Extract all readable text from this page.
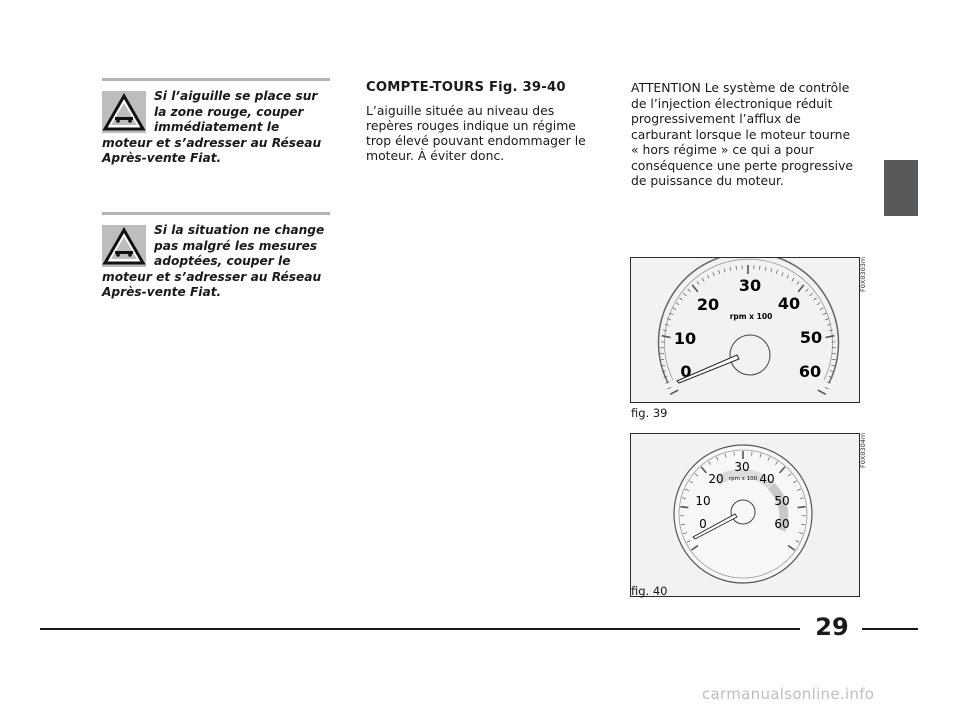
Si l’aiguille se place sur la zone rouge, couper immédiatement le moteur et s’adresser au Réseau Après-vente Fiat.

Si la situation ne change pas malgré les mesures adoptées, couper le moteur et s’adresser au Réseau Après-vente Fiat.

COMPTE-TOURS Fig. 39-40

L’aiguille située au niveau des repères rouges indique un régime trop élevé pouvant endommager le moteur. À éviter donc.

ATTENTION Le système de contrôle de l’injection électronique réduit progressivement l’afflux de carburant lorsque le moteur tourne « hors régime » ce qui a pour conséquence une perte progressive de puissance du moteur.

0
10
20
30
40
50
60
rpm x 100
F0X0303m
fig. 39
0
10
20
30
40
50
60
rpm x 100
F0X0304m
fig. 40
29
carmanualsonline.info
